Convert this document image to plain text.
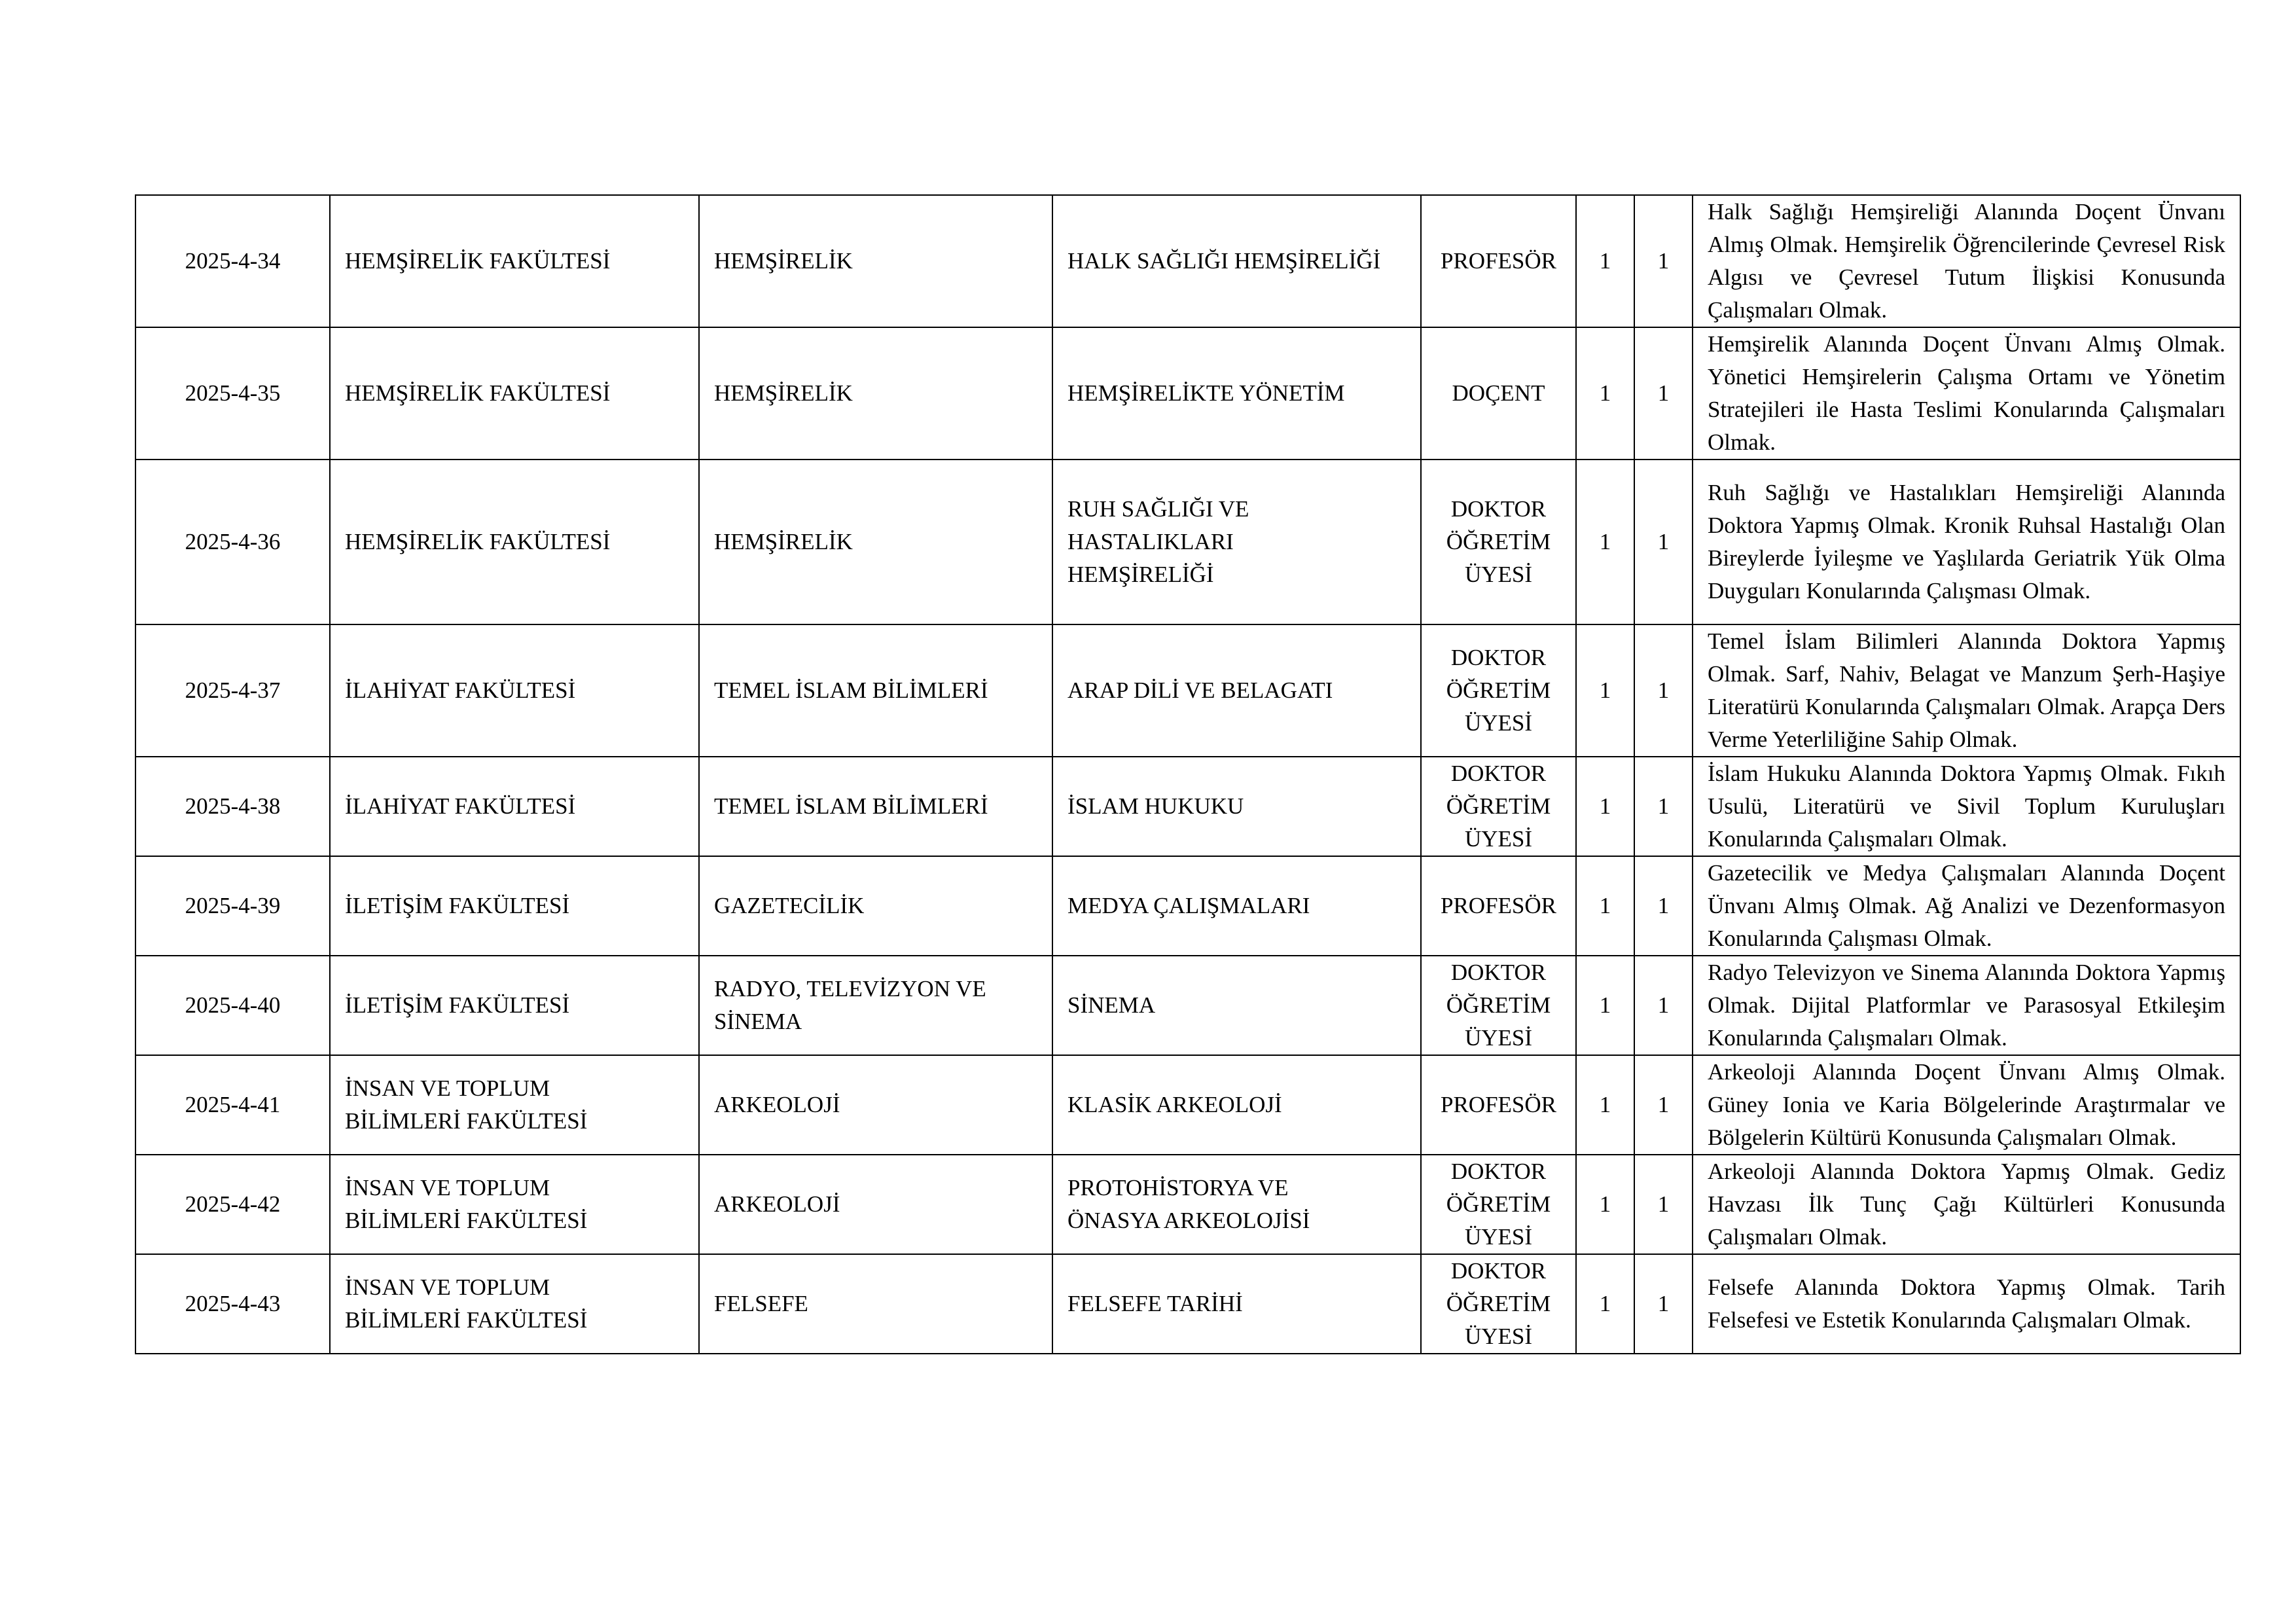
2025-4-34	HEMŞİRELİK FAKÜLTESİ	HEMŞİRELİK	HALK SAĞLIĞI HEMŞİRELİĞİ	PROFESÖR	1	1	Halk Sağlığı Hemşireliği Alanında Doçent Ünvanı Almış Olmak. Hemşirelik Öğrencilerinde Çevresel Risk Algısı ve Çevresel Tutum İlişkisi Konusunda Çalışmaları Olmak.
2025-4-35	HEMŞİRELİK FAKÜLTESİ	HEMŞİRELİK	HEMŞİRELİKTE YÖNETİM	DOÇENT	1	1	Hemşirelik Alanında Doçent Ünvanı Almış Olmak. Yönetici Hemşirelerin Çalışma Ortamı ve Yönetim Stratejileri ile Hasta Teslimi Konularında Çalışmaları Olmak.
2025-4-36	HEMŞİRELİK FAKÜLTESİ	HEMŞİRELİK	RUH SAĞLIĞI VE
HASTALIKLARI
HEMŞİRELİĞİ	DOKTOR
ÖĞRETİM
ÜYESİ	1	1	Ruh Sağlığı ve Hastalıkları Hemşireliği Alanında Doktora Yapmış Olmak. Kronik Ruhsal Hastalığı Olan Bireylerde İyileşme ve Yaşlılarda Geriatrik Yük Olma Duyguları Konularında Çalışması Olmak.
2025-4-37	İLAHİYAT FAKÜLTESİ	TEMEL İSLAM BİLİMLERİ	ARAP DİLİ VE BELAGATI	DOKTOR
ÖĞRETİM
ÜYESİ	1	1	Temel İslam Bilimleri Alanında Doktora Yapmış Olmak. Sarf, Nahiv, Belagat ve Manzum Şerh-Haşiye Literatürü Konularında Çalışmaları Olmak. Arapça Ders Verme Yeterliliğine Sahip Olmak.
2025-4-38	İLAHİYAT FAKÜLTESİ	TEMEL İSLAM BİLİMLERİ	İSLAM HUKUKU	DOKTOR
ÖĞRETİM
ÜYESİ	1	1	İslam Hukuku Alanında Doktora Yapmış Olmak. Fıkıh Usulü, Literatürü ve Sivil Toplum Kuruluşları Konularında Çalışmaları Olmak.
2025-4-39	İLETİŞİM FAKÜLTESİ	GAZETECİLİK	MEDYA ÇALIŞMALARI	PROFESÖR	1	1	Gazetecilik ve Medya Çalışmaları Alanında Doçent Ünvanı Almış Olmak. Ağ Analizi ve Dezenformasyon Konularında Çalışması Olmak.
2025-4-40	İLETİŞİM FAKÜLTESİ	RADYO, TELEVİZYON VE
SİNEMA	SİNEMA	DOKTOR
ÖĞRETİM
ÜYESİ	1	1	Radyo Televizyon ve Sinema Alanında Doktora Yapmış Olmak. Dijital Platformlar ve Parasosyal Etkileşim Konularında Çalışmaları Olmak.
2025-4-41	İNSAN VE TOPLUM
BİLİMLERİ FAKÜLTESİ	ARKEOLOJİ	KLASİK ARKEOLOJİ	PROFESÖR	1	1	Arkeoloji Alanında Doçent Ünvanı Almış Olmak. Güney Ionia ve Karia Bölgelerinde Araştırmalar ve Bölgelerin Kültürü Konusunda Çalışmaları Olmak.
2025-4-42	İNSAN VE TOPLUM
BİLİMLERİ FAKÜLTESİ	ARKEOLOJİ	PROTOHİSTORYA VE
ÖNASYA ARKEOLOJİSİ	DOKTOR
ÖĞRETİM
ÜYESİ	1	1	Arkeoloji Alanında Doktora Yapmış Olmak. Gediz Havzası İlk Tunç Çağı Kültürleri Konusunda Çalışmaları Olmak.
2025-4-43	İNSAN VE TOPLUM
BİLİMLERİ FAKÜLTESİ	FELSEFE	FELSEFE TARİHİ	DOKTOR
ÖĞRETİM
ÜYESİ	1	1	Felsefe Alanında Doktora Yapmış Olmak. Tarih Felsefesi ve Estetik Konularında Çalışmaları Olmak.
